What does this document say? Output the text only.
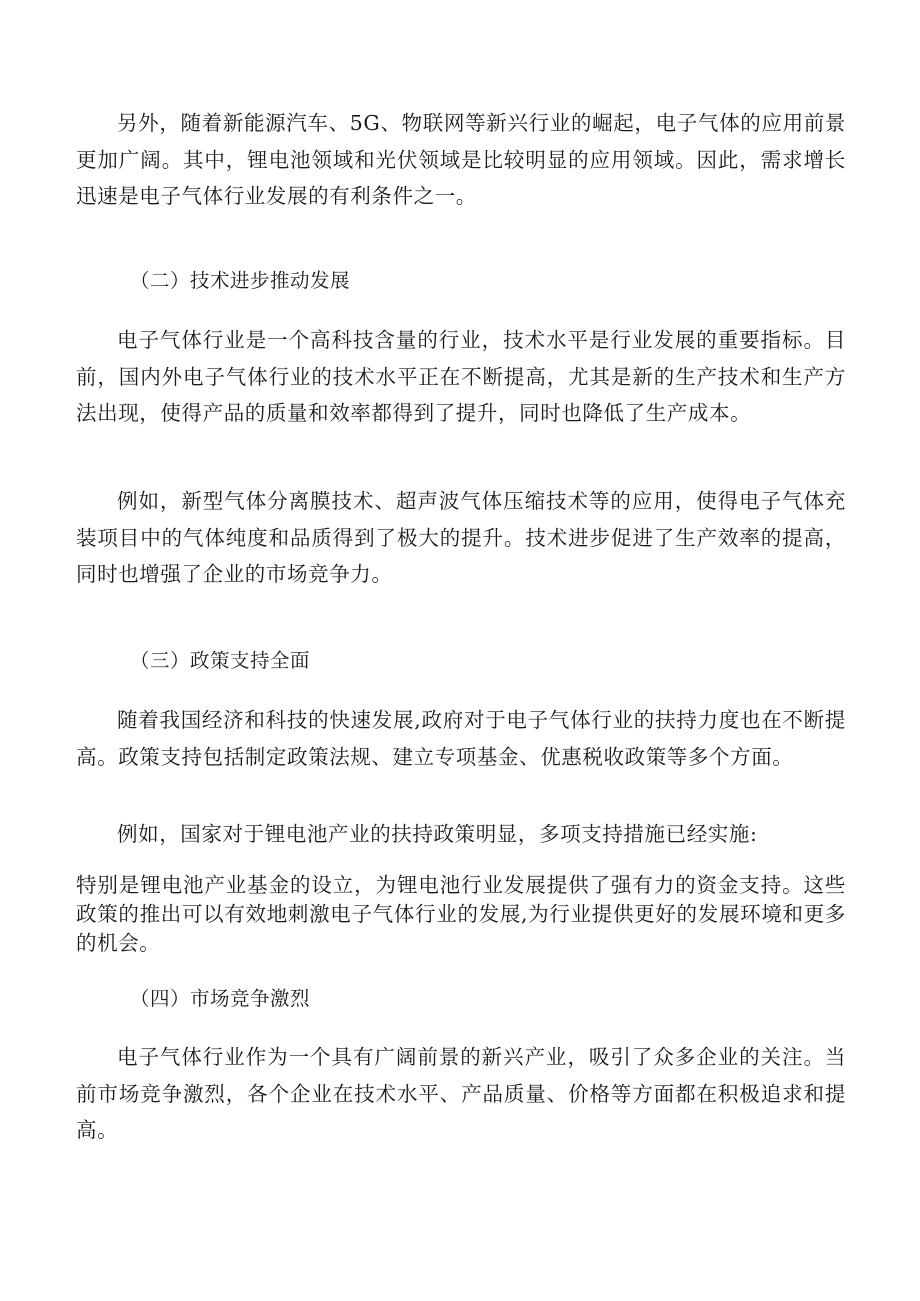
另外，随着新能源汽车、5G、物联网等新兴行业的崛起，电子气体的应用前景更加广阔。其中，锂电池领域和光伏领域是比较明显的应用领域。因此，需求增长迅速是电子气体行业发展的有利条件之一。

（二）技术进步推动发展

电子气体行业是一个高科技含量的行业，技术水平是行业发展的重要指标。目前，国内外电子气体行业的技术水平正在不断提高，尤其是新的生产技术和生产方法出现，使得产品的质量和效率都得到了提升，同时也降低了生产成本。

例如，新型气体分离膜技术、超声波气体压缩技术等的应用，使得电子气体充装项目中的气体纯度和品质得到了极大的提升。技术进步促进了生产效率的提高，同时也增强了企业的市场竞争力。

（三）政策支持全面

随着我国经济和科技的快速发展,政府对于电子气体行业的扶持力度也在不断提高。政策支持包括制定政策法规、建立专项基金、优惠税收政策等多个方面。

例如，国家对于锂电池产业的扶持政策明显，多项支持措施已经实施:

特别是锂电池产业基金的设立，为锂电池行业发展提供了强有力的资金支持。这些政策的推出可以有效地刺激电子气体行业的发展,为行业提供更好的发展环境和更多的机会。

（四）市场竞争激烈

电子气体行业作为一个具有广阔前景的新兴产业，吸引了众多企业的关注。当前市场竞争激烈，各个企业在技术水平、产品质量、价格等方面都在积极追求和提高。
